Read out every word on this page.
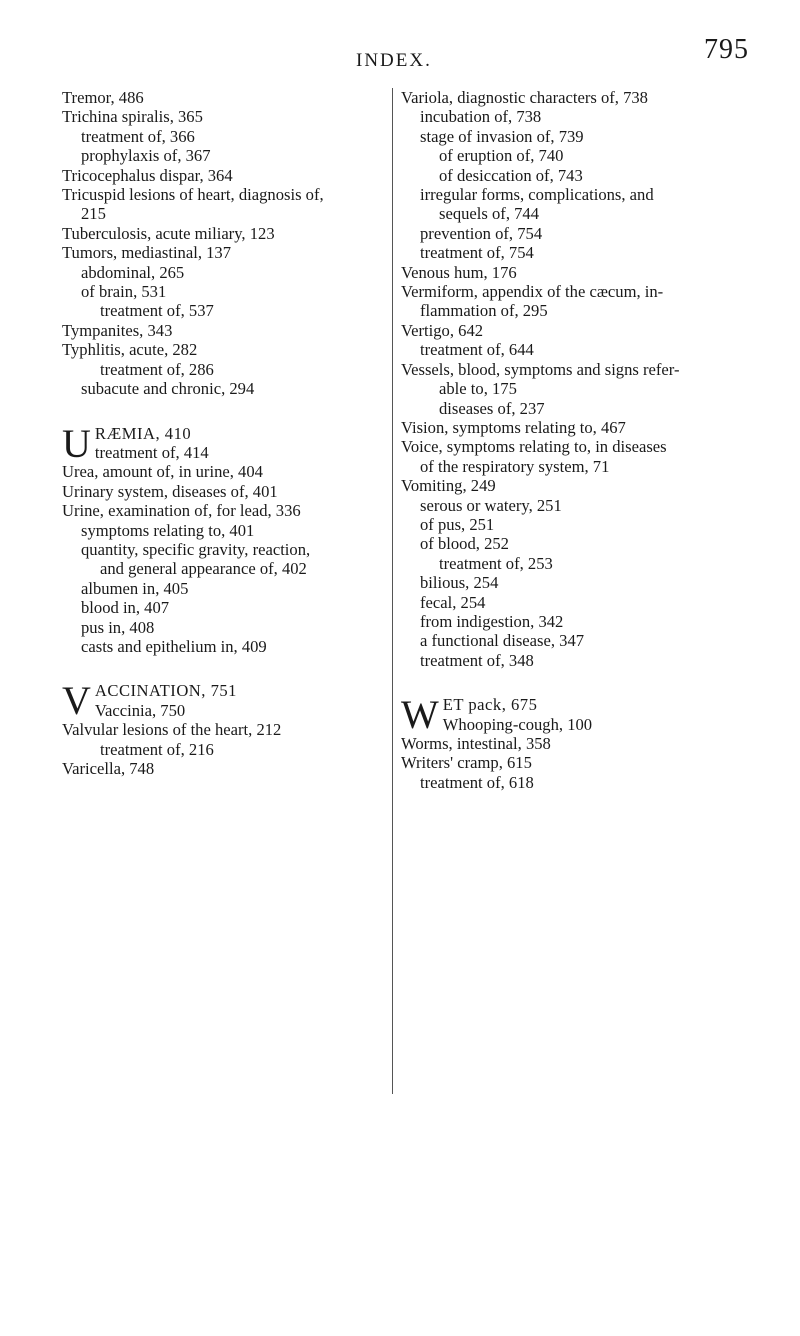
INDEX.	795

Tremor, 486

Trichina spiralis, 365

treatment of, 366

prophylaxis of, 367

Tricocephalus dispar, 364

Tricuspid lesions of heart, diagnosis of,

215

Tuberculosis, acute miliary, 123

Tumors, mediastinal, 137

abdominal, 265

of brain, 531

treatment of, 537

Tympanites, 343

Typhlitis, acute, 282

treatment of, 286

subacute and chronic, 294

U RÆMIA, 410

treatment of, 414

Urea, amount of, in urine, 404

Urinary system, diseases of, 401

Urine, examination of, for lead, 336

symptoms relating to, 401

quantity, specific gravity, reaction,

and general appearance of, 402

albumen in, 405

blood in, 407

pus in, 408

casts and epithelium in, 409

V ACCINATION, 751

Vaccinia, 750

Valvular lesions of the heart, 212

treatment of, 216

Varicella, 748

Variola, diagnostic characters of, 738

incubation of, 738

stage of invasion of, 739

of eruption of, 740

of desiccation of, 743

irregular forms, complications, and

sequels of, 744

prevention of, 754

treatment of, 754

Venous hum, 176

Vermiform, appendix of the cæcum, in-

flammation of, 295

Vertigo, 642

treatment of, 644

Vessels, blood, symptoms and signs refer-

able to, 175

diseases of, 237

Vision, symptoms relating to, 467

Voice, symptoms relating to, in diseases

of the respiratory system, 71

Vomiting, 249

serous or watery, 251

of pus, 251

of blood, 252

treatment of, 253

bilious, 254

fecal, 254

from indigestion, 342

a functional disease, 347

treatment of, 348

W ET pack, 675

Whooping-cough, 100

Worms, intestinal, 358

Writers' cramp, 615

treatment of, 618
